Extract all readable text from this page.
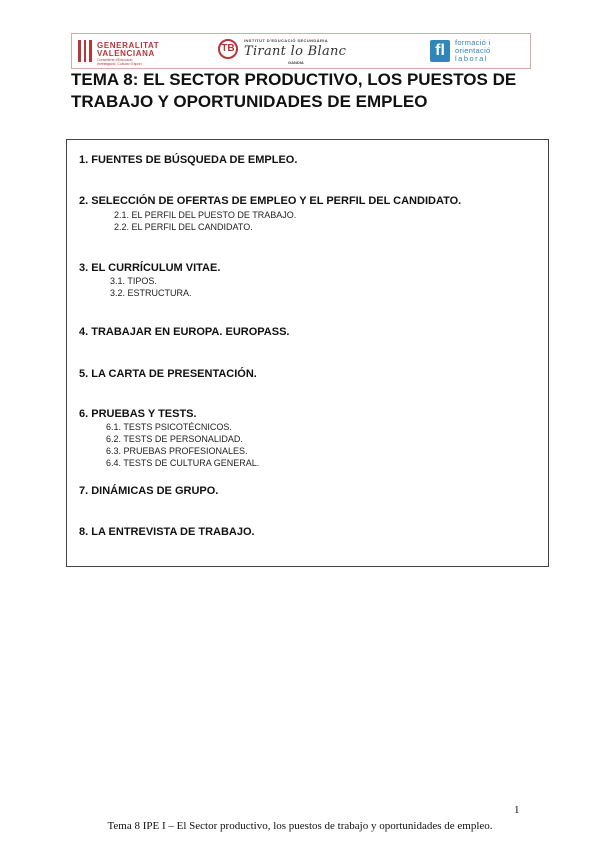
GENERALITAT
VALENCIANA
Conselleria d'Educació
Investigació, Cultura i Esport
TB
INSTITUT D'EDUCACIÓ SECUNDÀRIA
Tirant lo Blanc
GANDIA
fl	formació i
orientació
laboral
TEMA 8: EL SECTOR PRODUCTIVO, LOS PUESTOS DE TRABAJO Y OPORTUNIDADES DE EMPLEO
1. FUENTES DE BÚSQUEDA DE EMPLEO.
2. SELECCIÓN DE OFERTAS DE EMPLEO Y EL PERFIL DEL CANDIDATO.
2.1. EL PERFIL DEL PUESTO DE TRABAJO.
2.2. EL PERFIL DEL CANDIDATO.
3. EL CURRÍCULUM VITAE.
3.1. TIPOS.
3.2. ESTRUCTURA.
4. TRABAJAR EN EUROPA. EUROPASS.
5. LA CARTA DE PRESENTACIÓN.
6. PRUEBAS Y TESTS.
6.1. TESTS PSICOTÉCNICOS.
6.2. TESTS DE PERSONALIDAD.
6.3. PRUEBAS PROFESIONALES.
6.4. TESTS DE CULTURA GENERAL.
7. DINÁMICAS DE GRUPO.
8. LA ENTREVISTA DE TRABAJO.
1
Tema 8 IPE I – El Sector productivo, los puestos de trabajo y oportunidades de empleo.
